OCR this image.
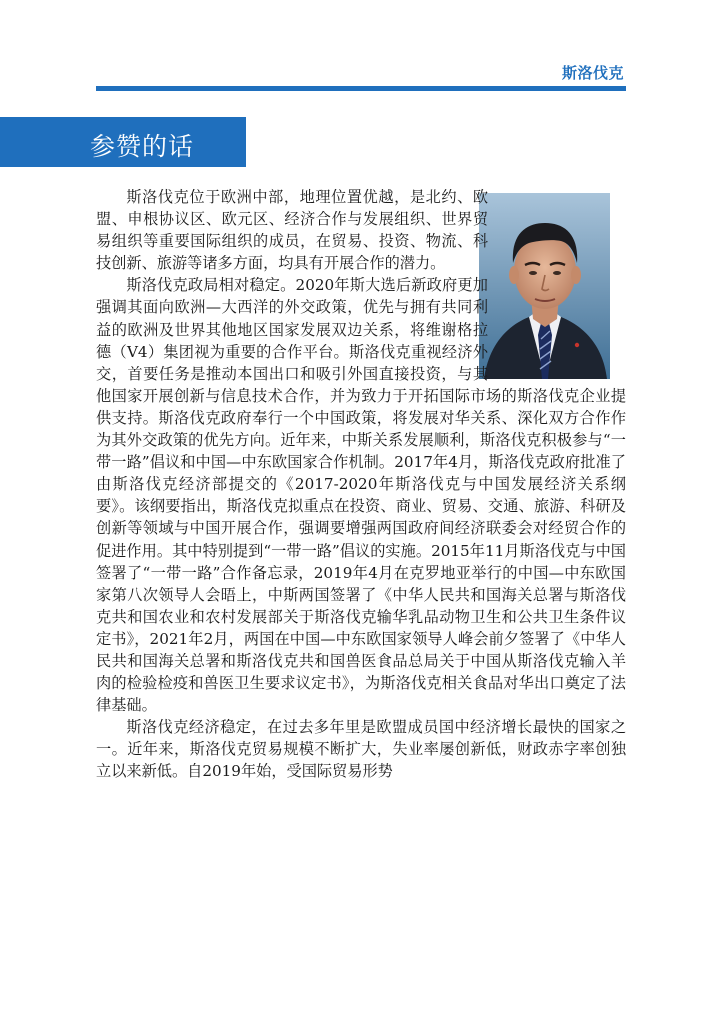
斯洛伐克
参赞的话

斯洛伐克位于欧洲中部，地理位置优越，是北约、欧盟、申根协议区、欧元区、经济合作与发展组织、世界贸易组织等重要国际组织的成员，在贸易、投资、物流、科技创新、旅游等诸多方面，均具有开展合作的潜力。

斯洛伐克政局相对稳定。2020年斯大选后新政府更加强调其面向欧洲—大西洋的外交政策，优先与拥有共同利益的欧洲及世界其他地区国家发展双边关系，将维谢格拉德（V4）集团视为重要的合作平台。斯洛伐克重视经济外交，首要任务是推动本国出口和吸引外国直接投资，与其他国家开展创新与信息技术合作，并为致力于开拓国际市场的斯洛伐克企业提供支持。斯洛伐克政府奉行一个中国政策，将发展对华关系、深化双方合作作为其外交政策的优先方向。近年来，中斯关系发展顺利，斯洛伐克积极参与“一带一路”倡议和中国—中东欧国家合作机制。2017年4月，斯洛伐克政府批准了由斯洛伐克经济部提交的《2017-2020年斯洛伐克与中国发展经济关系纲要》。该纲要指出，斯洛伐克拟重点在投资、商业、贸易、交通、旅游、科研及创新等领域与中国开展合作，强调要增强两国政府间经济联委会对经贸合作的促进作用。其中特别提到“一带一路”倡议的实施。2015年11月斯洛伐克与中国签署了“一带一路”合作备忘录，2019年4月在克罗地亚举行的中国—中东欧国家第八次领导人会晤上，中斯两国签署了《中华人民共和国海关总署与斯洛伐克共和国农业和农村发展部关于斯洛伐克输华乳品动物卫生和公共卫生条件议定书》，2021年2月，两国在中国—中东欧国家领导人峰会前夕签署了《中华人民共和国海关总署和斯洛伐克共和国兽医食品总局关于中国从斯洛伐克输入羊肉的检验检疫和兽医卫生要求议定书》，为斯洛伐克相关食品对华出口奠定了法律基础。

斯洛伐克经济稳定，在过去多年里是欧盟成员国中经济增长最快的国家之一。近年来，斯洛伐克贸易规模不断扩大，失业率屡创新低，财政赤字率创独立以来新低。自2019年始，受国际贸易形势
